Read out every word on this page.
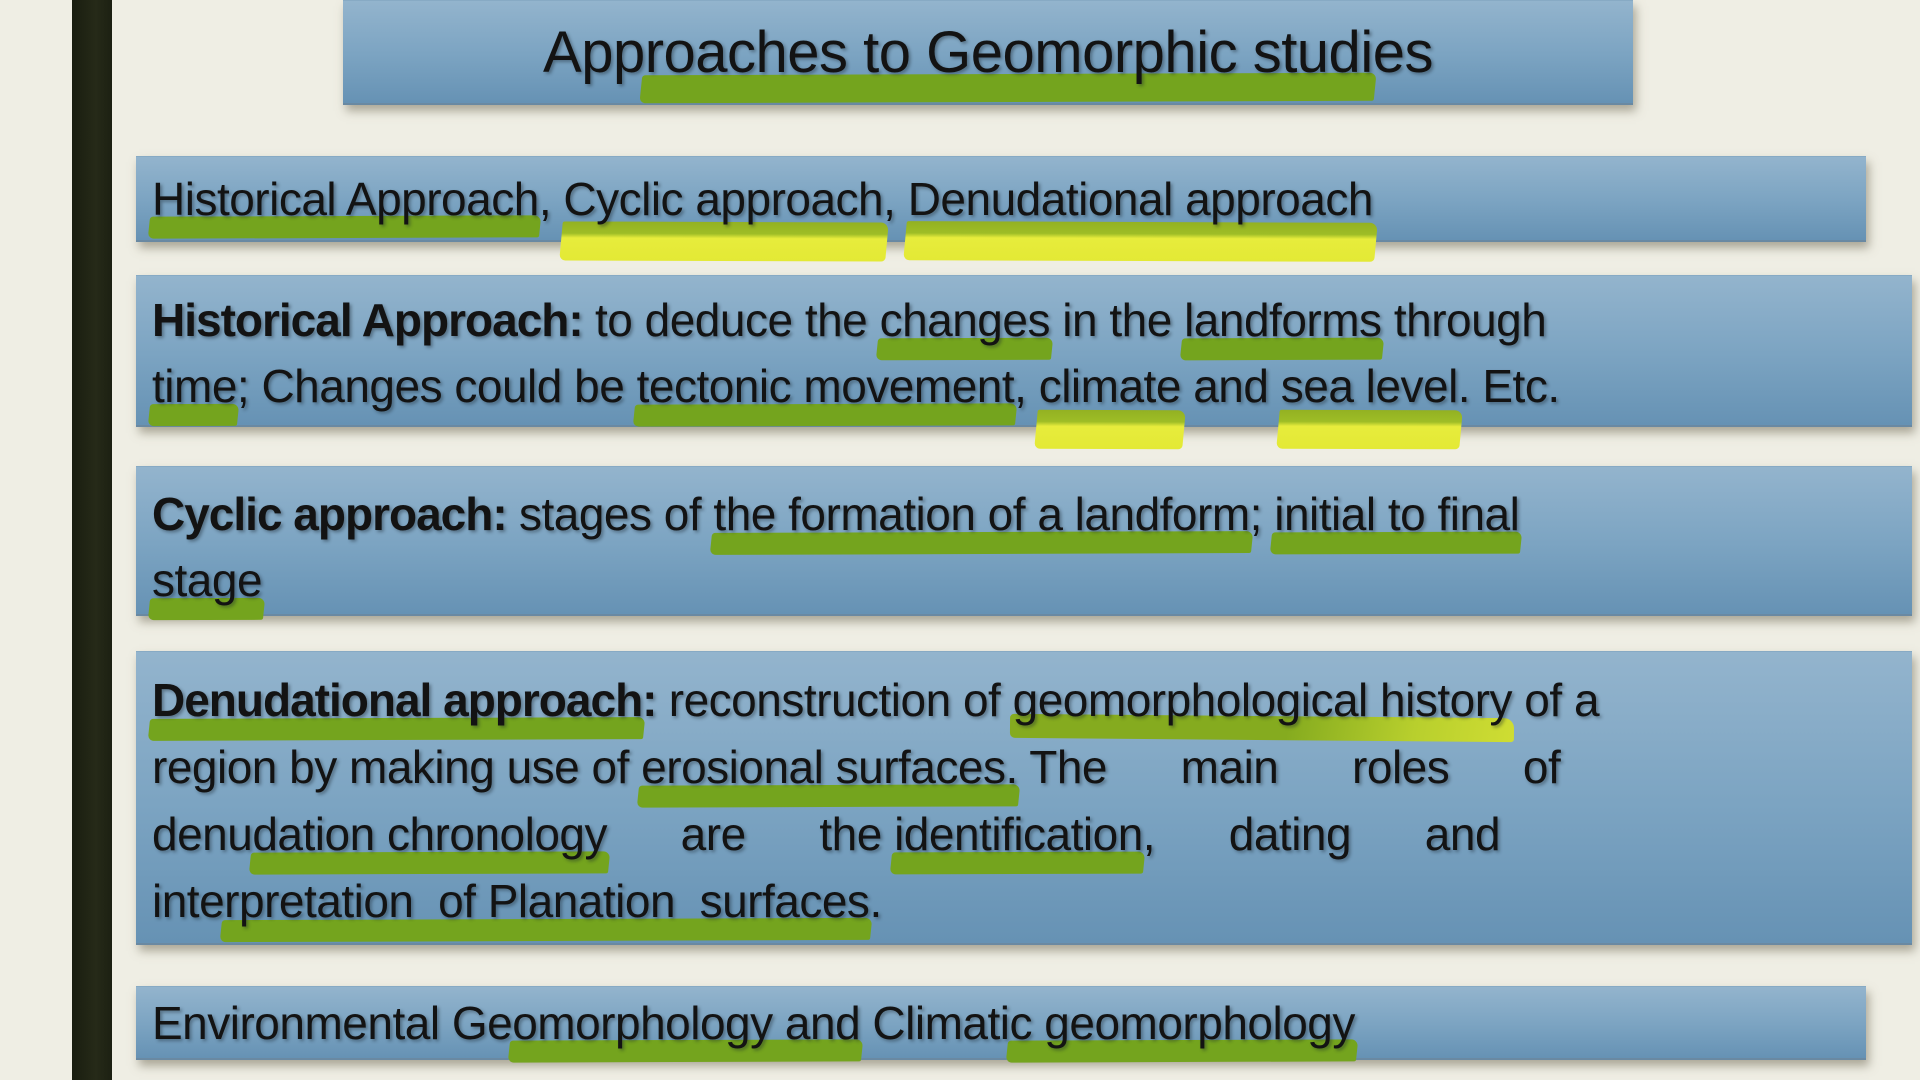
Approaches to Geomorphic studies
Historical Approach, Cyclic approach, Denudational approach
Historical Approach: to deduce the changes in the landforms through
time; Changes could be tectonic movement, climate and sea level. Etc.
Cyclic approach: stages of the formation of a landform; initial to final
stage
Denudational approach: reconstruction of geomorphological history of a
region by making use of erosional surfaces. The      main      roles      of
denudation chronology      are      the identification,      dating      and
interpretation  of Planation  surfaces.
Environmental Geomorphology and Climatic geomorphology
